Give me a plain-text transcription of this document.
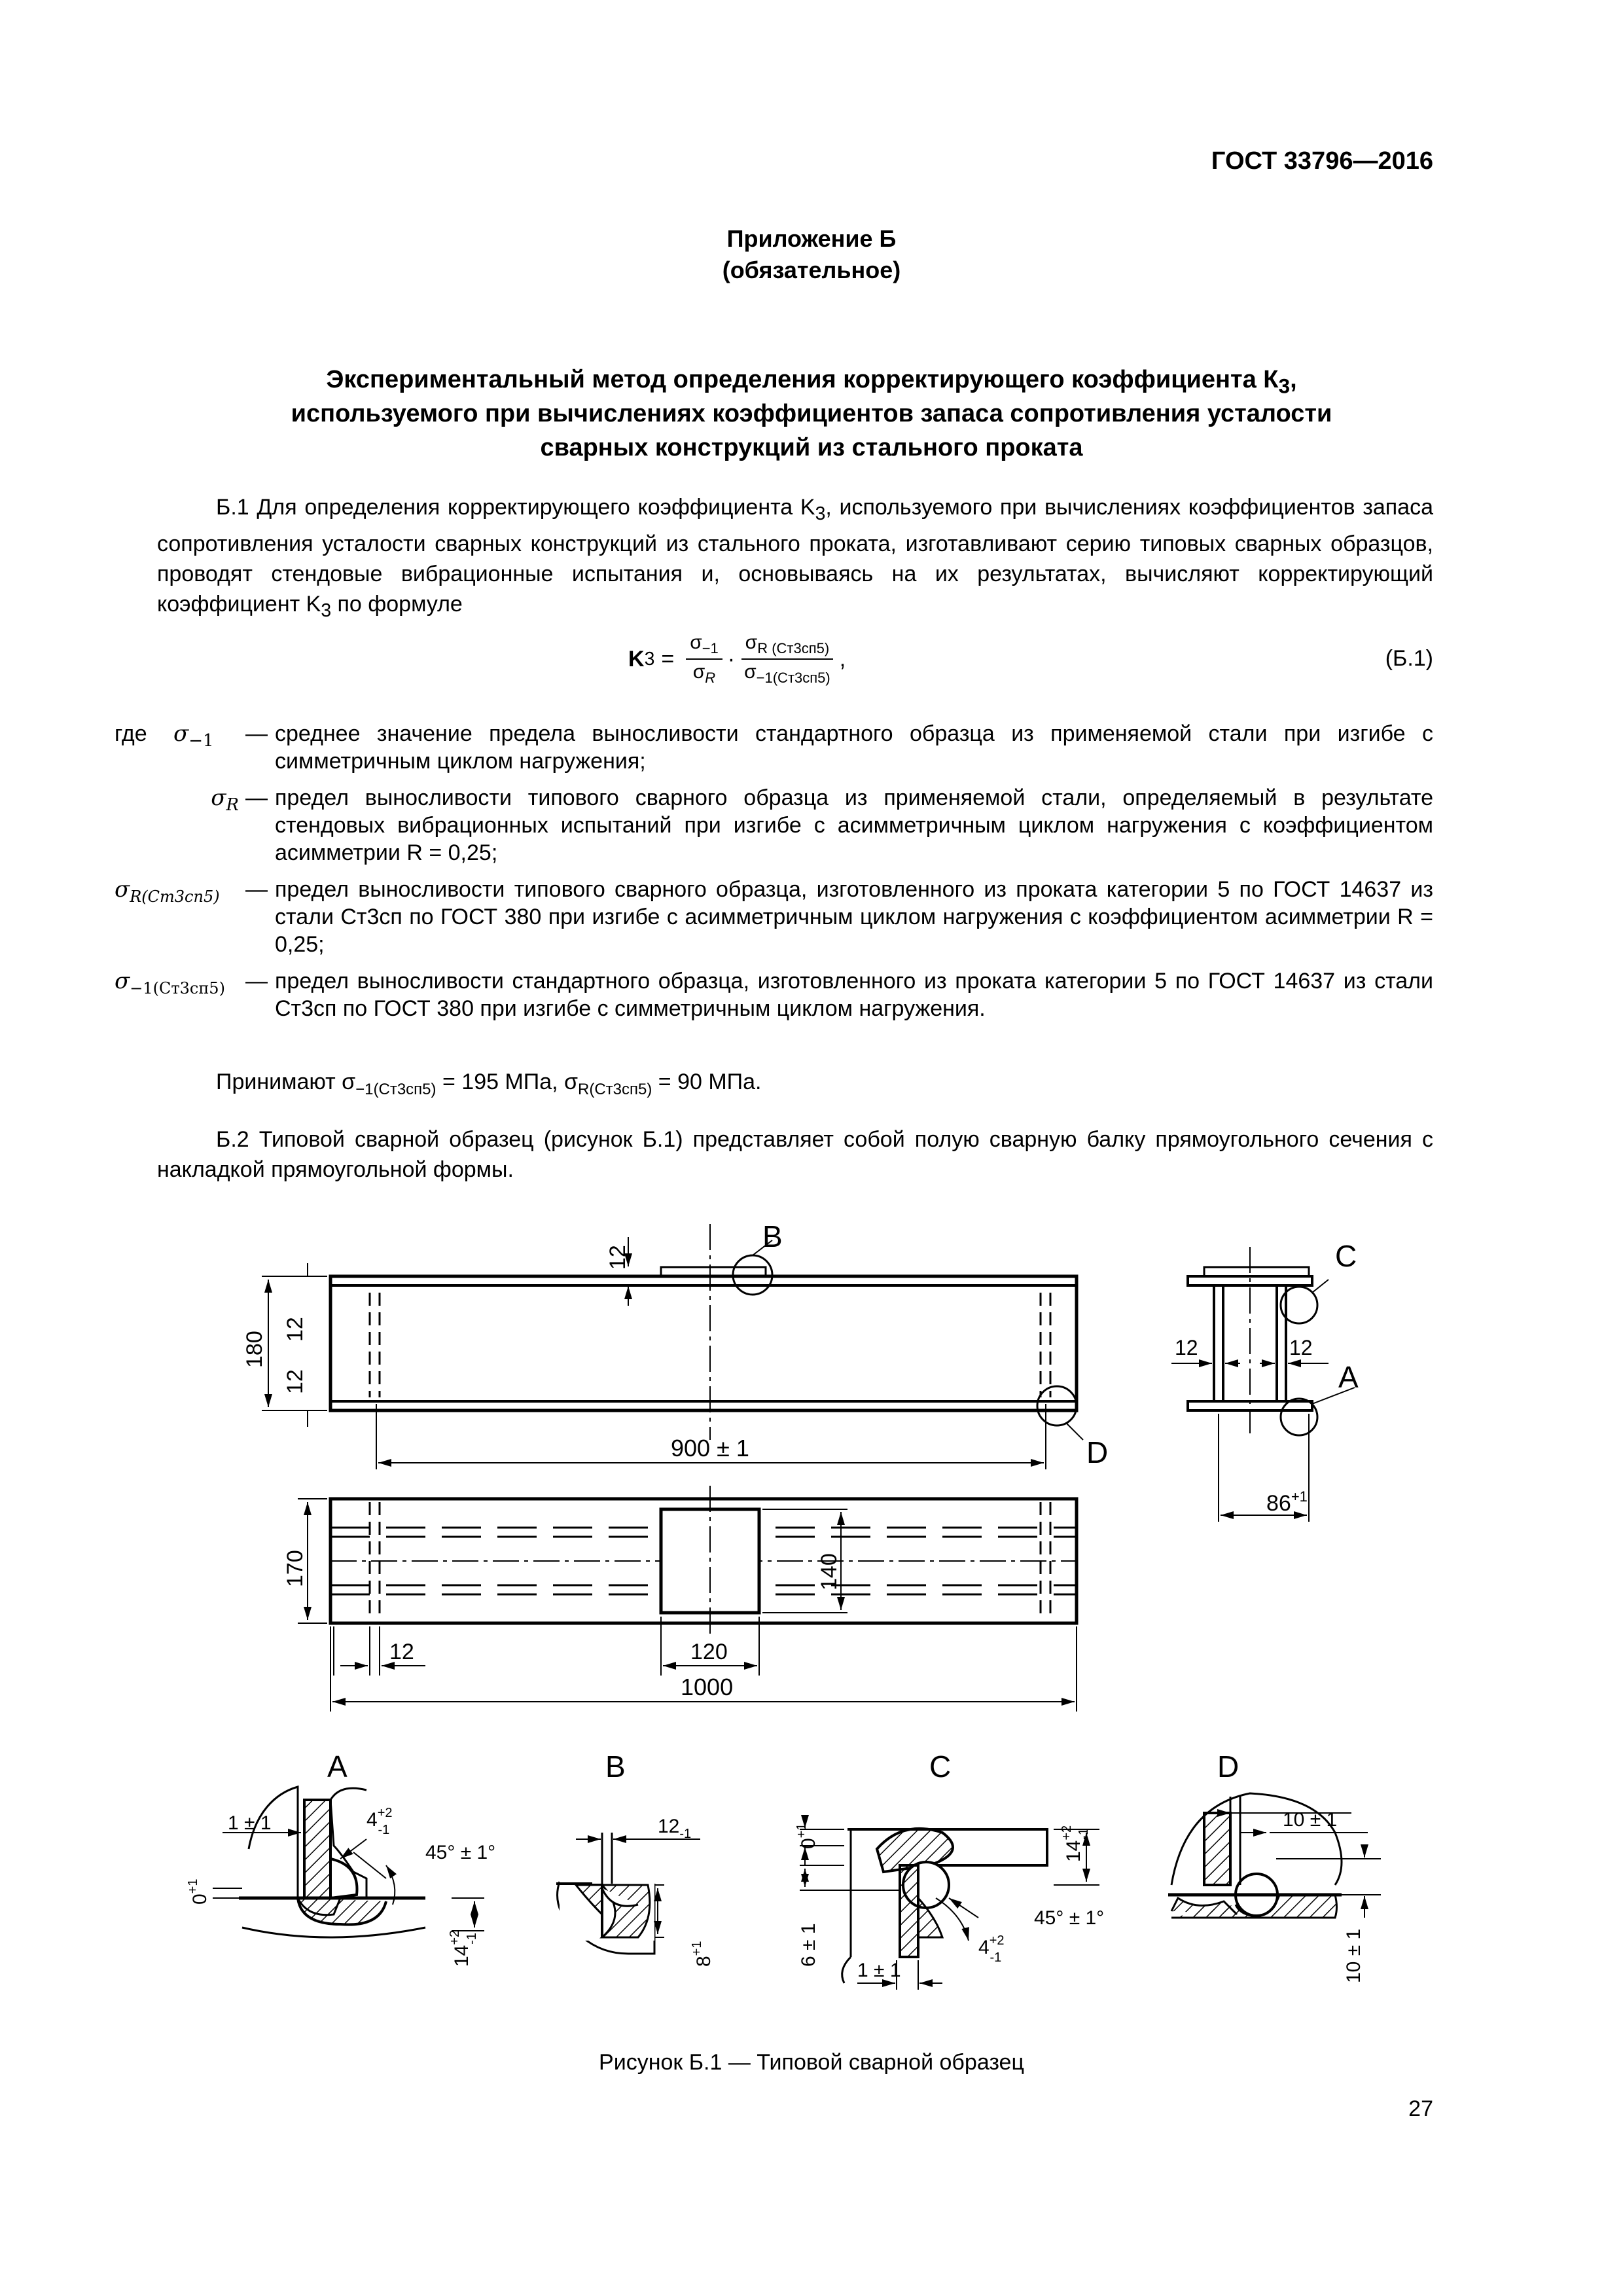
ГОСТ 33796—2016
Приложение Б
(обязательное)
Экспериментальный метод определения корректирующего коэффициента $К_3$,
используемого при вычислениях коэффициентов запаса сопротивления усталости
сварных конструкций из стального проката
Б.1 Для определения корректирующего коэффициента $K_3$, используемого при вычислениях коэффициентов запаса сопротивления усталости сварных конструкций из стального проката, изготавливают серию типовых сварных образцов, проводят стендовые вибрационные испытания и, основываясь на их результатах, вычисляют корректирующий коэффициент $K_3$ по формуле
K $3 = \frac{\sigma_{-1}}{\sigma_R} \cdot \frac{\sigma_{R (Ст3сп5)}}{\sigma_{-1(Ст3сп5)}}$ ,	(Б.1)
где	$\sigma_{-1}$ — среднее значение предела выносливости стандартного образца из применяемой стали при изгибе с симметричным циклом нагружения;
$\sigma_R$ — предел выносливости типового сварного образца из применяемой стали, определяемый в результате стендовых вибрационных испытаний при изгибе с асимметричным циклом нагружения с коэффициентом асимметрии R = 0,25;
$\sigma_{R(Ст3сп5)}$ — предел выносливости типового сварного образца, изготовленного из проката категории 5 по ГОСТ 14637 из стали Ст3сп по ГОСТ 380 при изгибе с асимметричным циклом нагружения с коэффициентом асимметрии R = 0,25;
$\sigma_{-1(Ст3сп5)}$ — предел выносливости стандартного образца, изготовленного из проката категории 5 по ГОСТ 14637 из стали Ст3сп по ГОСТ 380 при изгибе с симметричным циклом нагружения.
Принимают $\sigma_{-1(Ст3сп5)} = 195$ МПа, $\sigma_{R(Ст3сп5)} = 90$ МПа.
Б.2 Типовой сварной образец (рисунок Б.1) представляет собой полую сварную балку прямоугольного сечения с накладкой прямоугольной формы.
B
D
180
12
12
12
900 ± 1
C
A
12	12
$86^{+1}$
170	140
12	120
1000
A
1 ± 1	$4^{+2}$ -1
45° ± 1°
$0^{+1}$
$14^{+2}$ -1
B
$12_{-1}$
$8^{+1}$
C
$0^{+1}$
6 ± 1
$14^{+2}$ -1
$4^{+2}$ -1
45° ± 1°
1 ± 1
D
10 ± 1
10 ± 1
Рисунок Б.1 — Типовой сварной образец
27
